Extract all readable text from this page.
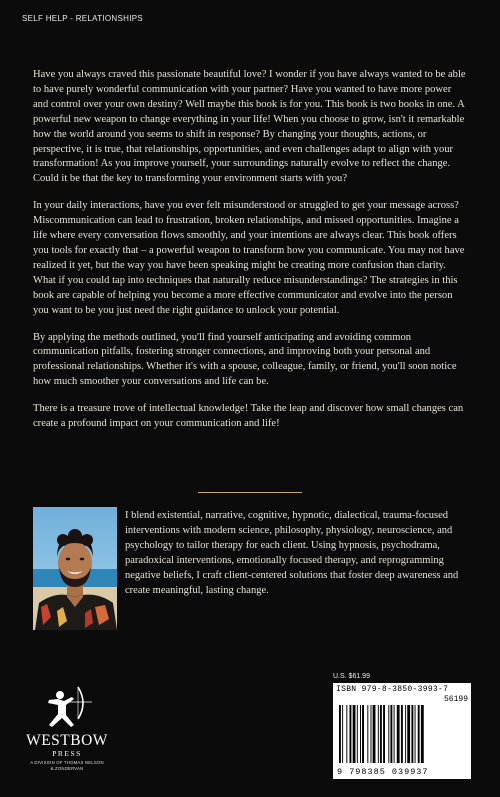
SELF HELP - RELATIONSHIPS

Have you always craved this passionate beautiful love? I wonder if you have always wanted to be able to have purely wonderful communication with your partner? Have you wanted to have more power and control over your own destiny? Well maybe this book is for you. This book is two books in one. A powerful new weapon to change everything in your life! When you choose to grow, isn't it remarkable how the world around you seems to shift in response? By changing your thoughts, actions, or perspective, it is true, that relationships, opportunities, and even challenges adapt to align with your transformation! As you improve yourself, your surroundings naturally evolve to reflect the change. Could it be that the key to transforming your environment starts with you?

In your daily interactions, have you ever felt misunderstood or struggled to get your message across? Miscommunication can lead to frustration, broken relationships, and missed opportunities. Imagine a life where every conversation flows smoothly, and your intentions are always clear. This book offers you tools for exactly that – a powerful weapon to transform how you communicate. You may not have realized it yet, but the way you have been speaking might be creating more confusion than clarity. What if you could tap into techniques that naturally reduce misunderstandings? The strategies in this book are capable of helping you become a more effective communicator and evolve into the person you want to be you just need the right guidance to unlock your potential.

By applying the methods outlined, you'll find yourself anticipating and avoiding common communication pitfalls, fostering stronger connections, and improving both your personal and professional relationships. Whether it's with a spouse, colleague, family, or friend, you'll soon notice how much smoother your conversations and life can be.

There is a treasure trove of intellectual knowledge! Take the leap and discover how small changes can create a profound impact on your communication and life!

I blend existential, narrative, cognitive, hypnotic, dialectical, trauma-focused interventions with modern science, philosophy, physiology, neuroscience, and psychology to tailor therapy for each client. Using hypnosis, psychodrama, paradoxical interventions, emotionally focused therapy, and reprogramming negative beliefs, I craft client-centered solutions that foster deep awareness and create meaningful, lasting change.

WESTBOW
PRESS
A DIVISION OF THOMAS NELSON
& ZONDERVAN
U.S. $61.99
ISBN 979-8-3850-3993-7
56199
9 798385 039937
